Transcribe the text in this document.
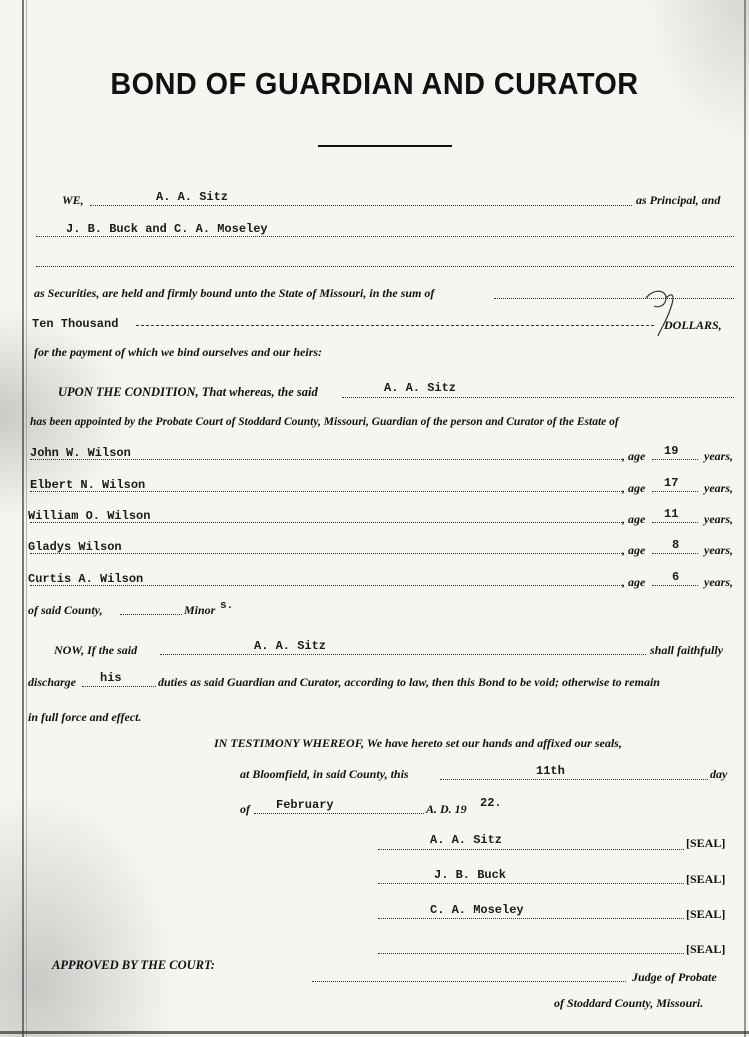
BOND OF GUARDIAN AND CURATOR
WE,	A. A. Sitz	as Principal, and
J. B. Buck and C. A. Moseley
as Securities, are held and firmly bound unto the State of Missouri, in the sum of
Ten Thousand	DOLLARS,
for the payment of which we bind ourselves and our heirs:
UPON THE CONDITION, That whereas, the said	A. A. Sitz
has been appointed by the Probate Court of Stoddard County, Missouri, Guardian of the person and Curator of the Estate of
John W. Wilson	, age 19 years,
Elbert N. Wilson	, age 17 years,
William O. Wilson	, age 11 years,
Gladys Wilson	, age 8 years,
Curtis A. Wilson	, age 6 years,
of said County,	Minor s.
NOW, If the said	A. A. Sitz	shall faithfully
discharge his	duties as said Guardian and Curator, according to law, then this Bond to be void; otherwise to remain
in full force and effect.
IN TESTIMONY WHEREOF, We have hereto set our hands and affixed our seals,
at Bloomfield, in said County, this	11th	day
of February	A. D. 19 22.
A. A. Sitz	[SEAL]
J. B. Buck	[SEAL]
C. A. Moseley	[SEAL]
[SEAL]
APPROVED BY THE COURT:
Judge of Probate
of Stoddard County, Missouri.
